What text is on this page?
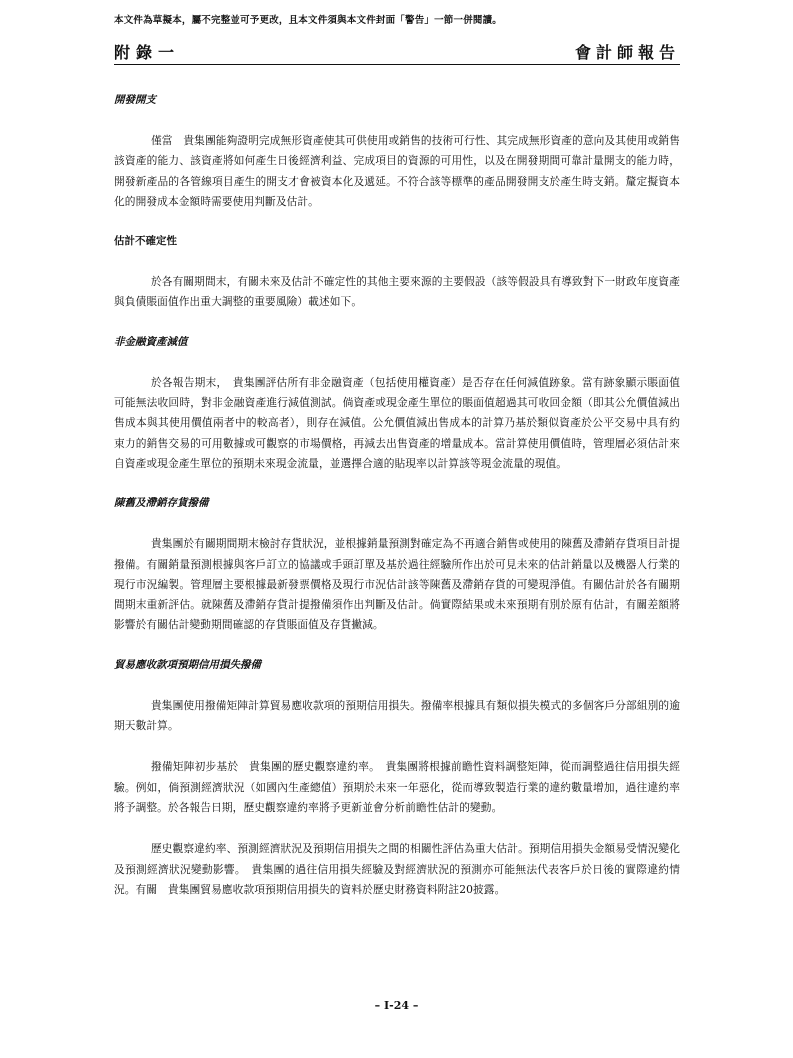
本文件為草擬本，屬不完整並可予更改，且本文件須與本文件封面「警告」一節一併閱讀。
附錄一	會計師報告
開發開支

僅當　貴集團能夠證明完成無形資產使其可供使用或銷售的技術可行性、其完成無形資產的意向及其使用或銷售該資產的能力、該資產將如何產生日後經濟利益、完成項目的資源的可用性，以及在開發期間可靠計量開支的能力時，開發新產品的各管線項目產生的開支才會被資本化及遞延。不符合該等標準的產品開發開支於產生時支銷。釐定擬資本化的開發成本金額時需要使用判斷及估計。

估計不確定性

於各有關期間末，有關未來及估計不確定性的其他主要來源的主要假設（該等假設具有導致對下一財政年度資產與負債賬面值作出重大調整的重要風險）載述如下。

非金融資產減值

於各報告期末，　貴集團評估所有非金融資產（包括使用權資產）是否存在任何減值跡象。當有跡象顯示賬面值可能無法收回時，對非金融資產進行減值測試。倘資產或現金產生單位的賬面值超過其可收回金額（即其公允價值減出售成本與其使用價值兩者中的較高者），則存在減值。公允價值減出售成本的計算乃基於類似資產於公平交易中具有約束力的銷售交易的可用數據或可觀察的市場價格，再減去出售資產的增量成本。當計算使用價值時，管理層必須估計來自資產或現金產生單位的預期未來現金流量，並選擇合適的貼現率以計算該等現金流量的現值。

陳舊及滯銷存貨撥備

貴集團於有關期間期末檢討存貨狀況，並根據銷量預測對確定為不再適合銷售或使用的陳舊及滯銷存貨項目計提撥備。有關銷量預測根據與客戶訂立的協議或手頭訂單及基於過往經驗所作出於可見未來的估計銷量以及機器人行業的現行市況編製。管理層主要根據最新發票價格及現行市況估計該等陳舊及滯銷存貨的可變現淨值。有關估計於各有關期間期末重新評估。就陳舊及滯銷存貨計提撥備須作出判斷及估計。倘實際結果或未來預期有別於原有估計，有關差額將影響於有關估計變動期間確認的存貨賬面值及存貨撇減。

貿易應收款項預期信用損失撥備

貴集團使用撥備矩陣計算貿易應收款項的預期信用損失。撥備率根據具有類似損失模式的多個客戶分部組別的逾期天數計算。

撥備矩陣初步基於　貴集團的歷史觀察違約率。　貴集團將根據前瞻性資料調整矩陣，從而調整過往信用損失經驗。例如，倘預測經濟狀況（如國內生產總值）預期於未來一年惡化，從而導致製造行業的違約數量增加，過往違約率將予調整。於各報告日期，歷史觀察違約率將予更新並會分析前瞻性估計的變動。

歷史觀察違約率、預測經濟狀況及預期信用損失之間的相關性評估為重大估計。預期信用損失金額易受情況變化及預測經濟狀況變動影響。　貴集團的過往信用損失經驗及對經濟狀況的預測亦可能無法代表客戶於日後的實際違約情況。有關　貴集團貿易應收款項預期信用損失的資料於歷史財務資料附註20披露。

– I-24 –
